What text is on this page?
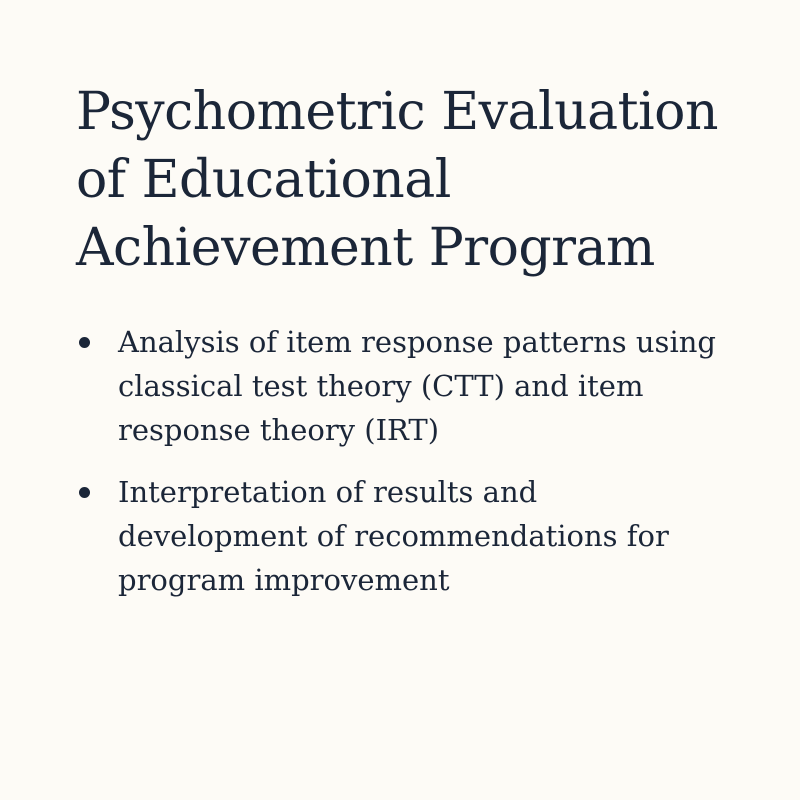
Psychometric Evaluation of Educational Achievement Program
Analysis of item response patterns using classical test theory (CTT) and item response theory (IRT)
Interpretation of results and development of recommendations for program improvement
